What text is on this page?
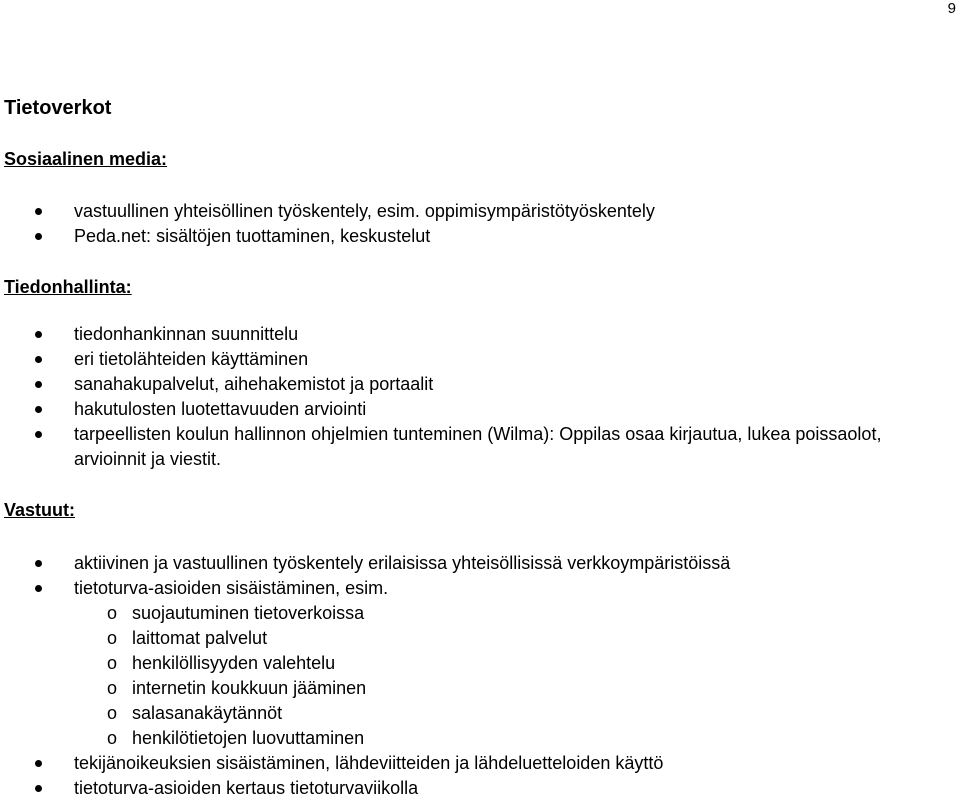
9
Tietoverkot
Sosiaalinen media:
vastuullinen yhteisöllinen työskentely, esim. oppimisympäristötyöskentely
Peda.net: sisältöjen tuottaminen, keskustelut
Tiedonhallinta:
tiedonhankinnan suunnittelu
eri tietolähteiden käyttäminen
sanahakupalvelut, aihehakemistot ja portaalit
hakutulosten luotettavuuden arviointi
tarpeellisten koulun hallinnon ohjelmien tunteminen (Wilma): Oppilas osaa kirjautua, lukea poissaolot, arvioinnit ja viestit.
Vastuut:
aktiivinen ja vastuullinen työskentely erilaisissa yhteisöllisissä verkkoympäristöissä
tietoturva-asioiden sisäistäminen, esim.
o suojautuminen tietoverkoissa
o laittomat palvelut
o henkilöllisyyden valehtelu
o internetin koukkuun jääminen
o salasanakäytännöt
o henkilötietojen luovuttaminen
tekijänoikeuksien sisäistäminen, lähdeviitteiden ja lähdeluetteloiden käyttö
tietoturva-asioiden kertaus tietoturvaviikolla
